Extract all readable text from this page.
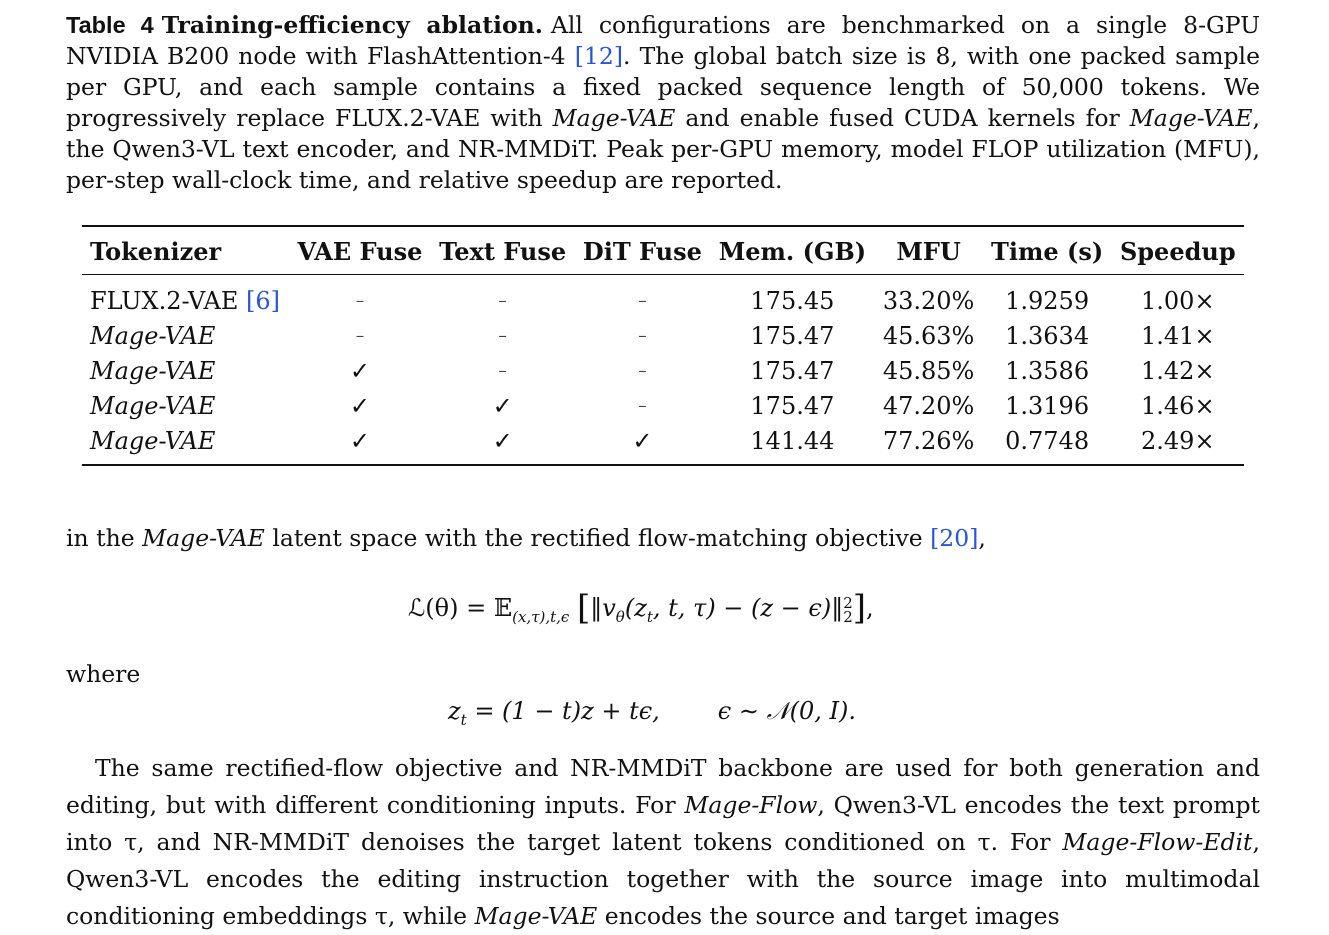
Table 4 Training-efficiency ablation. All configurations are benchmarked on a single 8-GPU NVIDIA B200 node with FlashAttention-4 [12]. The global batch size is 8, with one packed sample per GPU, and each sample contains a fixed packed sequence length of 50,000 tokens. We progressively replace FLUX.2-VAE with Mage-VAE and enable fused CUDA kernels for Mage-VAE, the Qwen3-VL text encoder, and NR-MMDiT. Peak per-GPU memory, model FLOP utilization (MFU), per-step wall-clock time, and relative speedup are reported.

Tokenizer	VAE Fuse	Text Fuse	DiT Fuse	Mem. (GB)	MFU	Time (s)	Speedup
FLUX.2-VAE [6]	–	–	–	175.45	33.20%	1.9259	1.00×
Mage-VAE	–	–	–	175.47	45.63%	1.3634	1.41×
Mage-VAE	✓	–	–	175.47	45.85%	1.3586	1.42×
Mage-VAE	✓	✓	–	175.47	47.20%	1.3196	1.46×
Mage-VAE	✓	✓	✓	141.44	77.26%	0.7748	2.49×
in the Mage-VAE latent space with the rectified flow-matching objective [20],
ℒ(θ) = 𝔼$_{(x,\tau),t,\epsilon}$ [$‖v_\theta(z_t$, t, τ) − (z − ϵ)‖ 2
2 ],
where
$z_t = (1 - t)z + t\epsilon$, ϵ ∼ 𝒩(0, I).

The same rectified-flow objective and NR-MMDiT backbone are used for both generation and editing, but with different conditioning inputs. For Mage-Flow, Qwen3-VL encodes the text prompt into τ, and NR-MMDiT denoises the target latent tokens conditioned on τ. For Mage-Flow-Edit, Qwen3-VL encodes the editing instruction together with the source image into multimodal conditioning embeddings τ, while Mage-VAE encodes the source and target images
